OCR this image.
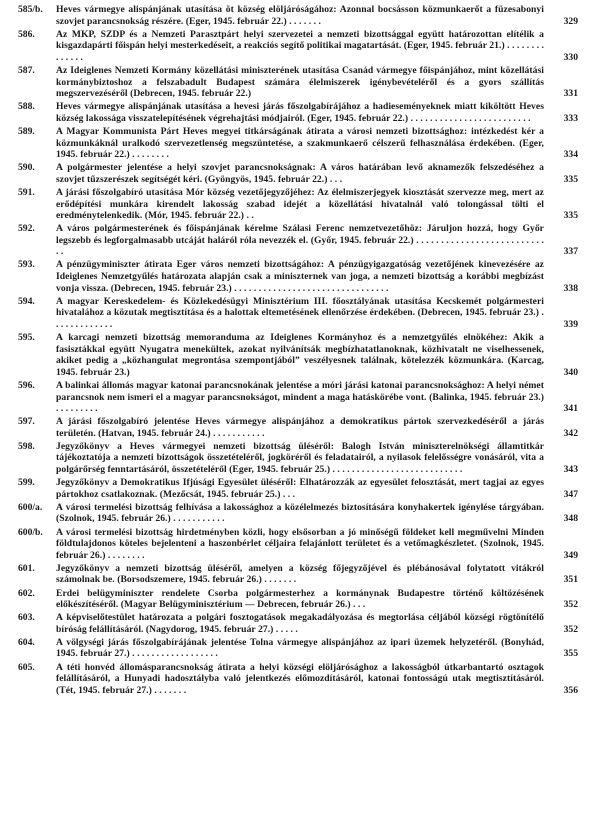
585/b.	Heves vármegye alispánjának utasítása öt község elöljáróságához: Azonnal bocsásson közmunkaerőt a füzesabonyi szovjet parancsnokság részére. (Eger, 1945. február 22.) . . . . . . .	329
586.	Az MKP, SZDP és a Nemzeti Parasztpárt helyi szervezetei a nemzeti bizottsággal együtt határozottan elítélik a kisgazdapárti főispán helyi mesterkedéseit, a reakciós segítő politikai magatartását. (Eger, 1945. február 21.) . . . . . . . . . . . . . .	330
587.	Az Ideiglenes Nemzeti Kormány közellátási miniszterének utasítása Csanád vármegye főispánjához, mint közellátási kormánybiztoshoz a felszabadult Budapest számára élelmiszerek igénybevételéről és a gyors szállítás megszervezéséről (Debrecen, 1945. február 22.)	331
588.	Heves vármegye alispánjának utasítása a hevesi járás főszolgabírájához a hadieseményeknek miatt kiköltött Heves község lakossága visszatelepítésének végrehajtási módjairól. (Eger, 1945. február 22.) . . . . . . . . . . . . . . . . . . . . . . . . .	333
589.	A Magyar Kommunista Párt Heves megyei titkárságának átirata a városi nemzeti bizottsághoz: intézkedést kér a közmunkáknál uralkodó szervezetlenség megszüntetése, a szakmunkaerő célszerű felhasználása érdekében. (Eger, 1945. február 22.) . . . . . . . .	334
590.	A polgármester jelentése a helyi szovjet parancsnokságnak: A város határában levő aknamezők felszedéséhez a szovjet tűzszerészek segítségét kéri. (Gyöngyös, 1945. február 22.) . . .	335
591.	A járási főszolgabíró utasítása Mór község vezetőjegyzőjéhez: Az élelmiszerjegyek kiosztását szervezze meg, mert az erődépítési munkára kirendelt lakosság szabad idejét a közellátási hivatalnál való tolongással tölti el eredménytelenkedik. (Mór, 1945. február 22.) . .	335
592.	A város polgármesterének és főispánjának kérelme Szálasi Ferenc nemzetvezetőhöz: Járuljon hozzá, hogy Győr legszebb és legforgalmasabb utcáját haláról róla nevezzék el. (Győr, 1945. február 22.) . . . . . . . . . . . . . . . . . . . . . . . . . . . .	337
593.	A pénzügyminiszter átirata Eger város nemzeti bizottságához: A pénzügyigazgatóság vezetőjének kinevezésére az Ideiglenes Nemzetgyűlés határozata alapján csak a miniszternek van joga, a nemzeti bizottság a korábbi megbízást vonja vissza. (Debrecen, 1945. február 23.) . . . . . . . . . . . . . . . . . . . . . . . . . . . . . . . .	338
594.	A magyar Kereskedelem- és Közlekedésügyi Minisztérium III. főosztályának utasítása Kecskemét polgármesteri hivatalához a közutak megtisztítása és a halottak eltemetésének ellenőrzése érdekében. (Debrecen, 1945. február 23.) . . . . . . . . . . . . .	339
595.	A karcagi nemzeti bizottság memoranduma az Ideiglenes Kormányhoz és a nemzetgyűlés elnökéhez: Akik a fasisztákkal együtt Nyugatra menekültek, azokat nyilvánítsák megbízhatatlanoknak, közhivatalt ne viselhessenek, akiket pedig a „közhangulat megrontása szempontjából” veszélyesnek találnak, kötelezzék közmunkára. (Karcag, 1945. február 23.)	340
596.	A balinkai állomás magyar katonai parancsnokának jelentése a móri járási katonai parancsnoksághoz: A helyi német parancsnok nem ismeri el a magyar parancsnokságot, mindent a maga hatáskörébe vont. (Balinka, 1945. február 23.) . . . . . . . . .	341
597.	A járási főszolgabíró jelentése Heves vármegye alispánjához a demokratikus pártok szervezkedéséről a járás területén. (Hatvan, 1945. február 24.) . . . . . . . . . . .	342
598.	Jegyzőkönyv a Heves vármegyei nemzeti bizottság üléséről: Balogh István miniszterelnökségi államtitkár tájékoztatója a nemzeti bizottságok összetételéről, jogköréről és feladatairól, a nyilasok felelősségre vonásáról, vita a polgárőrség fenntartásáról, összetételéről (Eger, 1945. február 25.) . . . . . . . . . . . . . . . . . . . . . . . . . . .	343
599.	Jegyzőkönyv a Demokratikus Ifjúsági Egyesület üléséről: Elhatározzák az egyesület felosztását, mert tagjai az egyes pártokhoz csatlakoznak. (Mezőcsát, 1945. február 25.) . . .	347
600/a.	A városi termelési bizottság felhívása a lakossághoz a közélelmezés biztosítására konyhakertek igénylése tárgyában. (Szolnok, 1945. február 26.) . . . . . . . . . . .	348
600/b.	A városi termelési bizottság hirdetményben közli, hogy elsősorban a jó minőségű földeket kell megművelni Minden földtulajdonos köteles bejelenteni a haszonbérlet céljaira felajánlott területet és a vetőmagkészletet. (Szolnok, 1945. február 26.) . . . . . . . .	349
601.	Jegyzőkönyv a nemzeti bizottság üléséről, amelyen a község főjegyzőjével és plébánosával folytatott vitákról számolnak be. (Borsodszemere, 1945. február 26.) . . . . . . .	351
602.	Erdei belügyminiszter rendelete Csorba polgármesterhez a kormánynak Budapestre történő költözésének előkészítéséről. (Magyar Belügyminisztérium — Debrecen, február 26.) . . .	352
603.	A képviselőtestület határozata a polgári fosztogatások megakadályozása és megtorlása céljából községi rögtönítélő bíróság felállításáról. (Nagydorog, 1945. február 27.) . . . . .	352
604.	A völgységi járás főszolgabírájának jelentése Tolna vármegye alispánjához az ipari üzemek helyzetéről. (Bonyhád, 1945. február 27.) . . . . . . . . . . . . . . . . . .	355
605.	A téti honvéd állomásparancsnokság átirata a helyi községi elöljárósághoz a lakosságból útkarbantartó osztagok felállításáról, a Hunyadi hadosztályba való jelentkezés előmozdításáról, katonai fontosságú utak megtisztításáról. (Tét, 1945. február 27.) . . . . . . .	356
